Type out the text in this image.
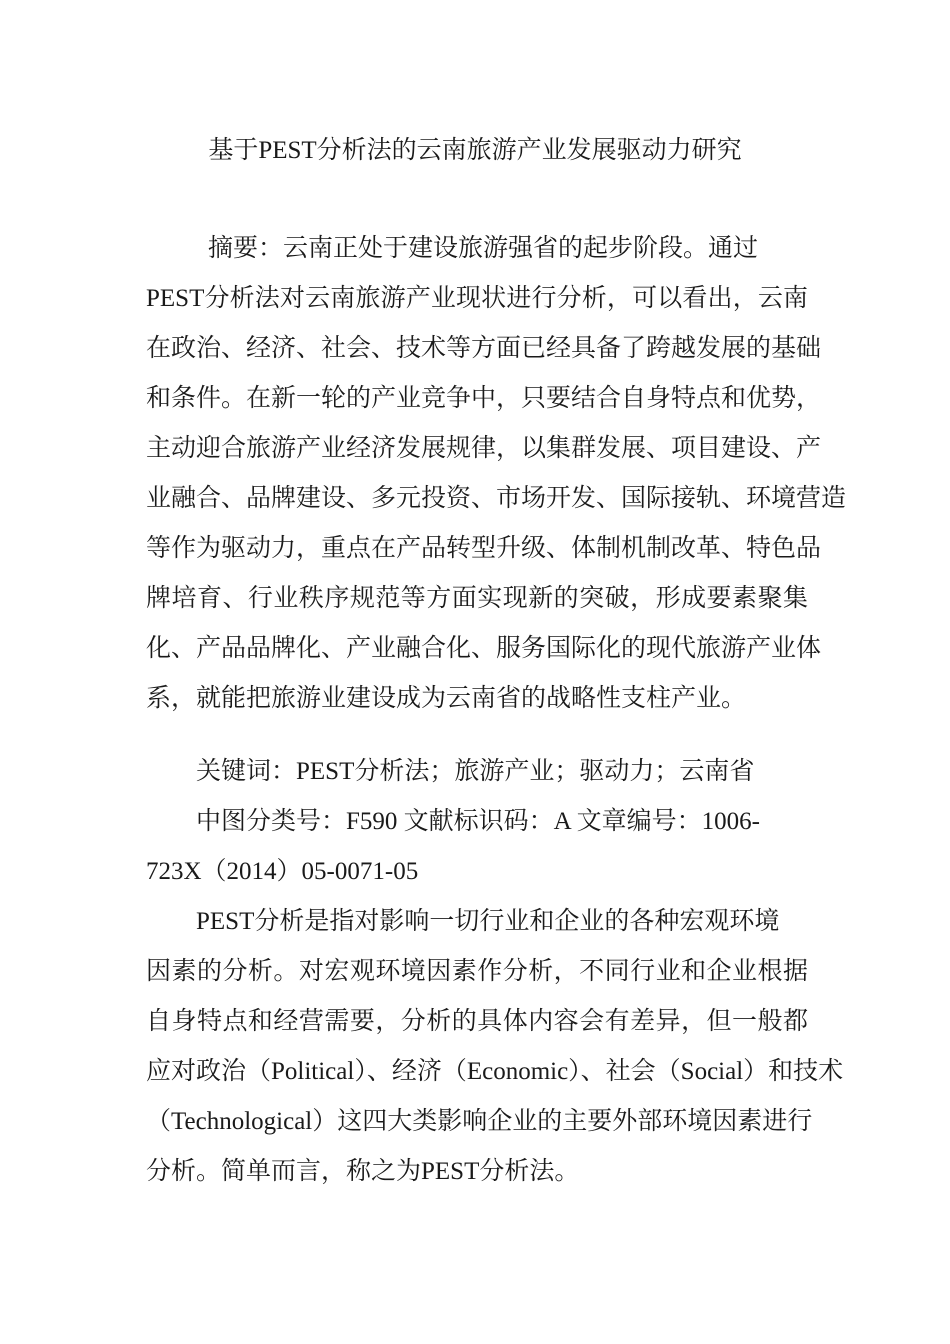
基于PEST分析法的云南旅游产业发展驱动力研究

摘要：云南正处于建设旅游强省的起步阶段。通过

PEST分析法对云南旅游产业现状进行分析，可以看出，云南

在政治、经济、社会、技术等方面已经具备了跨越发展的基础

和条件。在新一轮的产业竞争中，只要结合自身特点和优势，

主动迎合旅游产业经济发展规律，以集群发展、项目建设、产

业融合、品牌建设、多元投资、市场开发、国际接轨、环境营造

等作为驱动力，重点在产品转型升级、体制机制改革、特色品

牌培育、行业秩序规范等方面实现新的突破，形成要素聚集

化、产品品牌化、产业融合化、服务国际化的现代旅游产业体

系，就能把旅游业建设成为云南省的战略性支柱产业。

关键词：PEST分析法；旅游产业；驱动力；云南省

中图分类号：F590 文献标识码：A 文章编号：1006-

723X（2014）05-0071-05

PEST分析是指对影响一切行业和企业的各种宏观环境

因素的分析。对宏观环境因素作分析，不同行业和企业根据

自身特点和经营需要，分析的具体内容会有差异，但一般都

应对政治（Political）、经济（Economic）、社会（Social）和技术

（Technological）这四大类影响企业的主要外部环境因素进行

分析。简单而言，称之为PEST分析法。
